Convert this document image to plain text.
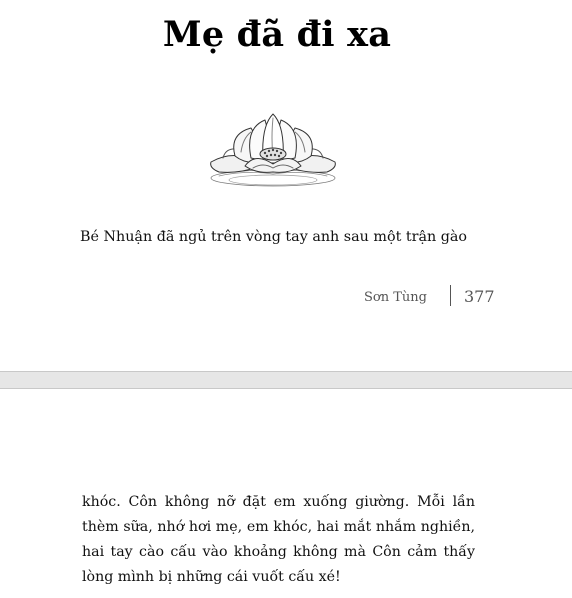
Mẹ đã đi xa
Bé Nhuận đã ngủ trên vòng tay anh sau một trận gào
Sơn Tùng 377

khóc. Côn không nỡ đặt em xuống giường. Mỗi lần
thèm sữa, nhớ hơi mẹ, em khóc, hai mắt nhắm nghiền,
hai tay cào cấu vào khoảng không mà Côn cảm thấy
lòng mình bị những cái vuốt cấu xé!
